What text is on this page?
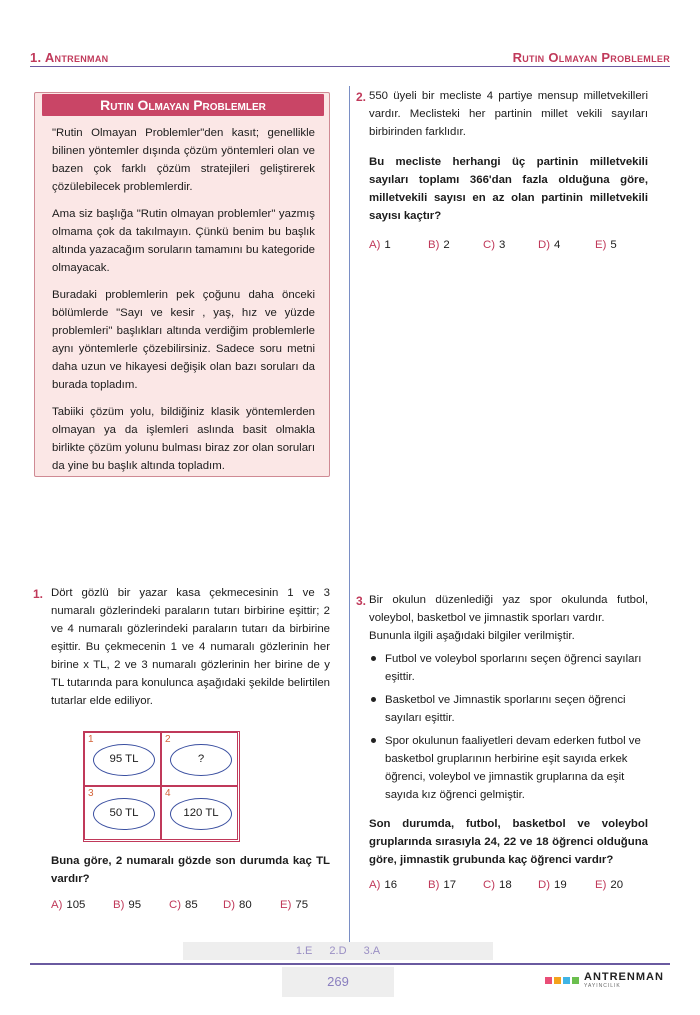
1. Antrenman	Rutin Olmayan Problemler
Rutin Olmayan Problemler
"Rutin Olmayan Problemler"den kasıt; genellikle bilinen yöntemler dışında çözüm yöntemleri olan ve bazen çok farklı çözüm stratejileri geliştirerek çözülebilecek problemlerdir.
Ama siz başlığa "Rutin olmayan problemler" yazmış olmama çok da takılmayın. Çünkü benim bu başlık altında yazacağım soruların tamamını bu kategoride olmayacak.
Buradaki problemlerin pek çoğunu daha önceki bölümlerde "Sayı ve kesir , yaş, hız ve yüzde problemleri" başlıkları altında verdiğim problemlerle aynı yöntemlerle çözebilirsiniz. Sadece soru metni daha uzun ve hikayesi değişik olan bazı soruları da burada topladım.
Tabiiki çözüm yolu, bildiğiniz klasik yöntemlerden olmayan ya da işlemleri aslında basit olmakla birlikte çözüm yolunu bulması biraz zor olan soruları da yine bu başlık altında topladım.
2. 550 üyeli bir mecliste 4 partiye mensup milletvekilleri vardır. Meclisteki her partinin millet vekili sayıları birbirinden farklıdır.
Bu mecliste herhangi üç partinin milletvekili sayıları toplamı 366'dan fazla olduğuna göre, milletvekili sayısı en az olan partinin milletvekili sayısı kaçtır?
A) 1	B) 2	C) 3	D) 4	E) 5
1. Dört gözlü bir yazar kasa çekmecesinin 1 ve 3 numaralı gözlerindeki paraların tutarı birbirine eşittir; 2 ve 4 numaralı gözlerindeki paraların tutarı da birbirine eşittir. Bu çekmecenin 1 ve 4 numaralı gözlerinin her birine x TL, 2 ve 3 numaralı gözlerinin her birine de y TL tutarında para konulunca aşağıdaki şekilde belirtilen tutarlar elde ediliyor.
1
95 TL
2
?
3
50 TL
4
120 TL
Buna göre, 2 numaralı gözde son durumda kaç TL vardır?
A) 105 B) 95 C) 85 D) 80 E) 75
3. Bir okulun düzenlediği yaz spor okulunda futbol, voleybol, basketbol ve jimnastik sporları vardır.
Bununla ilgili aşağıdaki bilgiler verilmiştir.
Futbol ve voleybol sporlarını seçen öğrenci sayıları eşittir.
Basketbol ve Jimnastik sporlarını seçen öğrenci sayıları eşittir.
Spor okulunun faaliyetleri devam ederken futbol ve basketbol gruplarının herbirine eşit sayıda erkek öğrenci, voleybol ve jimnastik gruplarına da eşit sayıda kız öğrenci gelmiştir.
Son durumda, futbol, basketbol ve voleybol gruplarında sırasıyla 24, 22 ve 18 öğrenci olduğuna göre, jimnastik grubunda kaç öğrenci vardır?
A) 16	B) 17 C) 18 D) 19 E) 20
1.E 2.D 3.A
269	ANTRENMAN
YAYINCILIK
